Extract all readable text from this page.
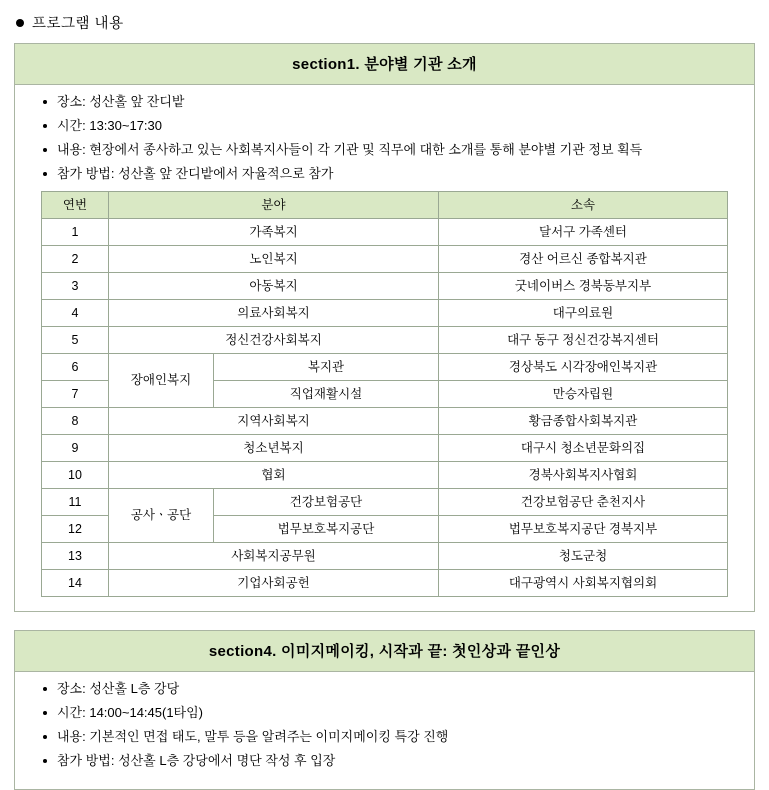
프로그램 내용
section1. 분야별 기관 소개
장소: 성산홀 앞 잔디밭
시간: 13:30~17:30
내용: 현장에서 종사하고 있는 사회복지사들이 각 기관 및 직무에 대한 소개를 통해 분야별 기관 정보 획득
참가 방법: 성산홀 앞 잔디밭에서 자율적으로 참가
연번	분야		소속
1	가족복지		달서구 가족센터
2	노인복지		경산 어르신 종합복지관
3	아동복지		굿네이버스 경북동부지부
4	의료사회복지		대구의료원
5	정신건강사회복지		대구 동구 정신건강복지센터
6	장애인복지	복지관	경상북도 시각장애인복지관
7		직업재활시설	만승자립원
8	지역사회복지		황금종합사회복지관
9	청소년복지		대구시 청소년문화의집
10	협회		경북사회복지사협회
11	공사ㆍ공단	건강보험공단	건강보험공단 춘천지사
12		법무보호복지공단	법무보호복지공단 경북지부
13	사회복지공무원		청도군청
14	기업사회공헌		대구광역시 사회복지협의회
section4. 이미지메이킹, 시작과 끝: 첫인상과 끝인상
장소: 성산홀 L층 강당
시간: 14:00~14:45(1타임)
내용: 기본적인 면접 태도, 말투 등을 알려주는 이미지메이킹 특강 진행
참가 방법: 성산홀 L층 강당에서 명단 작성 후 입장
